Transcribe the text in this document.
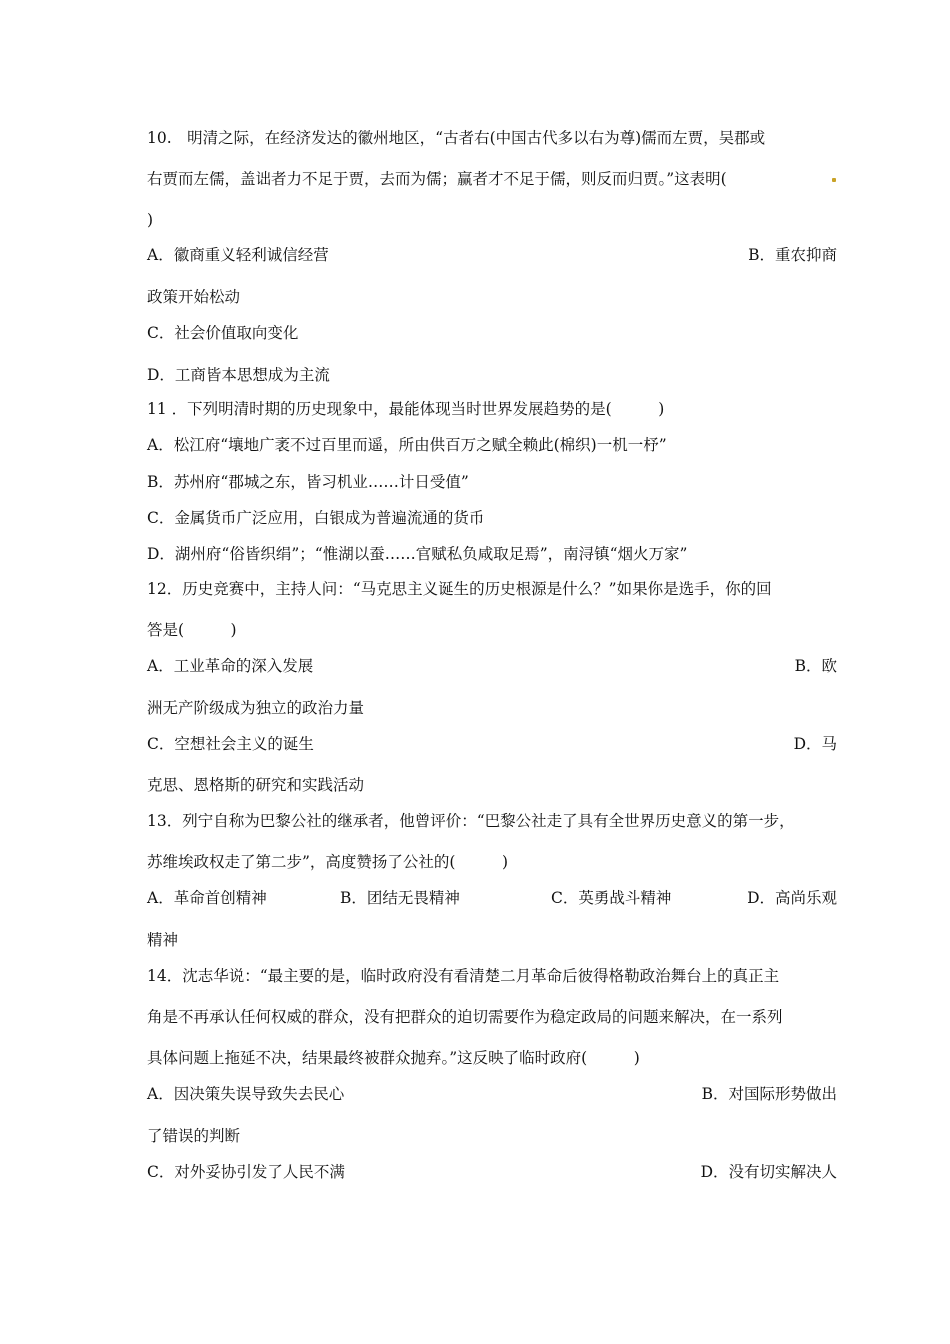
10.　明清之际，在经济发达的徽州地区，“古者右(中国古代多以右为尊)儒而左贾，吴郡或
右贾而左儒，盖诎者力不足于贾，去而为儒；赢者才不足于儒，则反而归贾。”这表明(
)
A．徽商重义轻利诚信经营	B．重农抑商
政策开始松动
C．社会价值取向变化
D．工商皆本思想成为主流
11 ．下列明清时期的历史现象中，最能体现当时世界发展趋势的是(　　　)
A．松江府“壤地广袤不过百里而遥，所由供百万之赋全赖此(棉织)一机一杼”
B．苏州府“郡城之东，皆习机业……计日受值”
C．金属货币广泛应用，白银成为普遍流通的货币
D．湖州府“俗皆织绢”；“惟湖以蚕……官赋私负咸取足焉”，南浔镇“烟火万家”
12．历史竞赛中，主持人问：“马克思主义诞生的历史根源是什么？”如果你是选手，你的回
答是(　　　)
A．工业革命的深入发展	B．欧
洲无产阶级成为独立的政治力量
C．空想社会主义的诞生	D．马
克思、恩格斯的研究和实践活动
13．列宁自称为巴黎公社的继承者，他曾评价：“巴黎公社走了具有全世界历史意义的第一步，
苏维埃政权走了第二步”，高度赞扬了公社的(　　　)
A．革命首创精神	B．团结无畏精神	C．英勇战斗精神	D．高尚乐观
精神
14．沈志华说：“最主要的是，临时政府没有看清楚二月革命后彼得格勒政治舞台上的真正主
角是不再承认任何权威的群众，没有把群众的迫切需要作为稳定政局的问题来解决，在一系列
具体问题上拖延不决，结果最终被群众抛弃。”这反映了临时政府(　　　)
A．因决策失误导致失去民心	B．对国际形势做出
了错误的判断
C．对外妥协引发了人民不满	D．没有切实解决人
